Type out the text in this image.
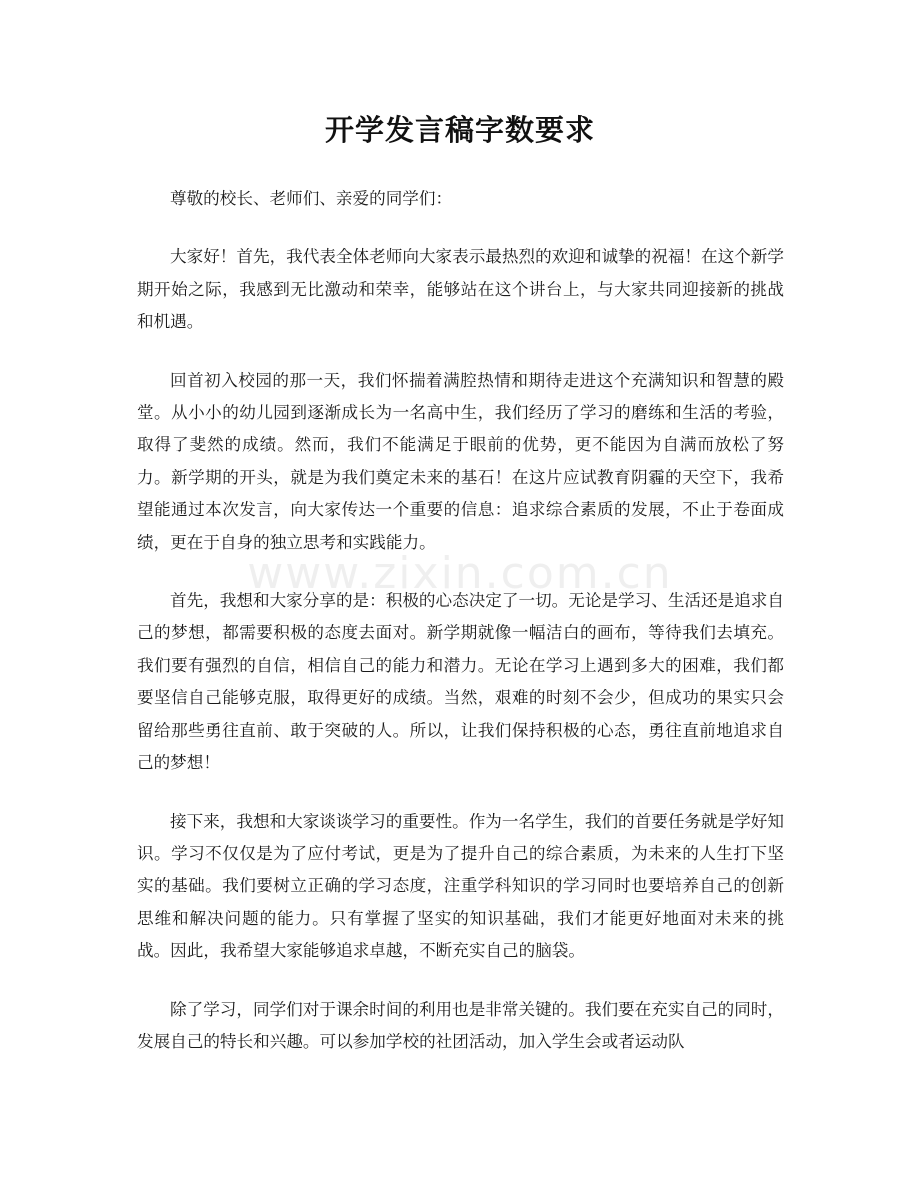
开学发言稿字数要求

尊敬的校长、老师们、亲爱的同学们：

大家好！首先，我代表全体老师向大家表示最热烈的欢迎和诚挚的祝福！在这个新学期开始之际，我感到无比激动和荣幸，能够站在这个讲台上，与大家共同迎接新的挑战和机遇。

回首初入校园的那一天，我们怀揣着满腔热情和期待走进这个充满知识和智慧的殿堂。从小小的幼儿园到逐渐成长为一名高中生，我们经历了学习的磨练和生活的考验，取得了斐然的成绩。然而，我们不能满足于眼前的优势，更不能因为自满而放松了努力。新学期的开头，就是为我们奠定未来的基石！在这片应试教育阴霾的天空下，我希望能通过本次发言，向大家传达一个重要的信息：追求综合素质的发展，不止于卷面成绩，更在于自身的独立思考和实践能力。

首先，我想和大家分享的是：积极的心态决定了一切。无论是学习、生活还是追求自己的梦想，都需要积极的态度去面对。新学期就像一幅洁白的画布，等待我们去填充。我们要有强烈的自信，相信自己的能力和潜力。无论在学习上遇到多大的困难，我们都要坚信自己能够克服，取得更好的成绩。当然，艰难的时刻不会少，但成功的果实只会留给那些勇往直前、敢于突破的人。所以，让我们保持积极的心态，勇往直前地追求自己的梦想！

接下来，我想和大家谈谈学习的重要性。作为一名学生，我们的首要任务就是学好知识。学习不仅仅是为了应付考试，更是为了提升自己的综合素质，为未来的人生打下坚实的基础。我们要树立正确的学习态度，注重学科知识的学习同时也要培养自己的创新思维和解决问题的能力。只有掌握了坚实的知识基础，我们才能更好地面对未来的挑战。因此，我希望大家能够追求卓越，不断充实自己的脑袋。

除了学习，同学们对于课余时间的利用也是非常关键的。我们要在充实自己的同时，发展自己的特长和兴趣。可以参加学校的社团活动，加入学生会或者运动队

www.zixin.com.cn
